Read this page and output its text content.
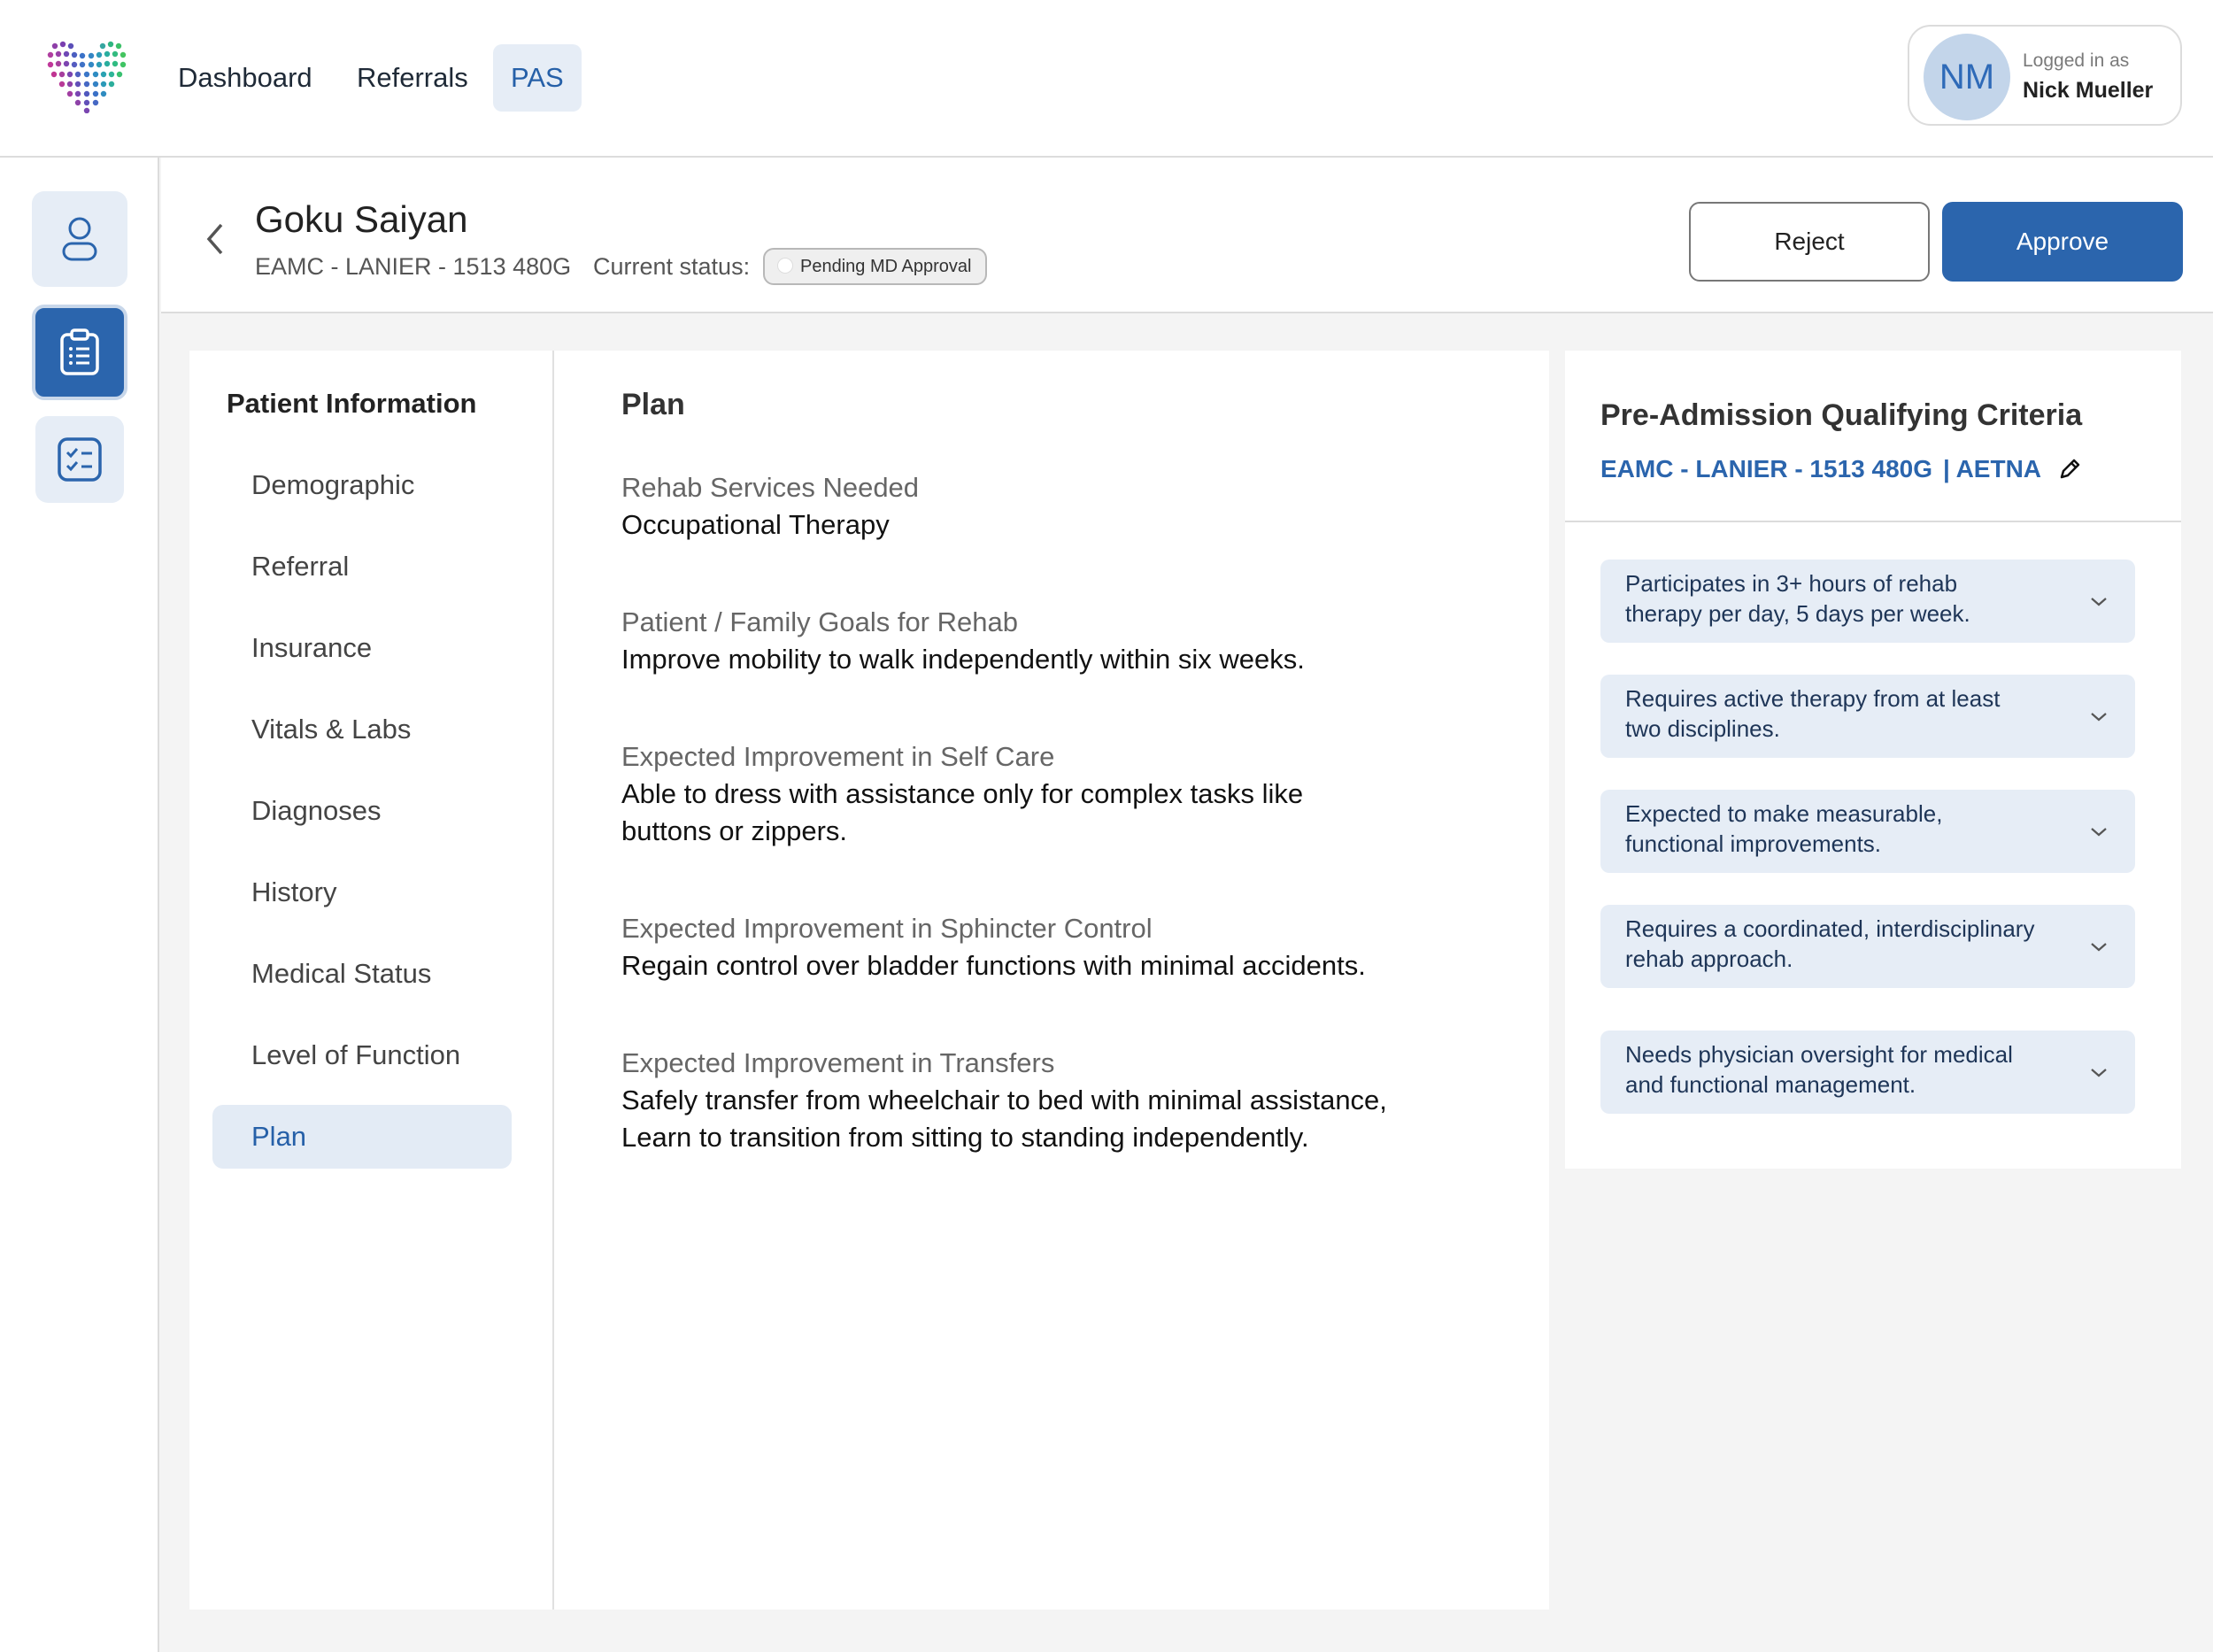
Dashboard	Referrals	PAS	NM	Logged in as
Nick Mueller
Goku Saiyan
EAMC - LANIER - 1513 480G Current status:	Pending MD Approval
Reject	Approve
Patient Information
Demographic
Referral
Insurance
Vitals & Labs
Diagnoses
History
Medical Status
Level of Function
Plan
Plan
Rehab Services Needed
Occupational Therapy
Patient / Family Goals for Rehab
Improve mobility to walk independently within six weeks.
Expected Improvement in Self Care
Able to dress with assistance only for complex tasks like
buttons or zippers.
Expected Improvement in Sphincter Control
Regain control over bladder functions with minimal accidents.
Expected Improvement in Transfers
Safely transfer from wheelchair to bed with minimal assistance,
Learn to transition from sitting to standing independently.
Pre-Admission Qualifying Criteria
EAMC - LANIER - 1513 480G | AETNA
Participates in 3+ hours of rehab
therapy per day, 5 days per week.
Requires active therapy from at least
two disciplines.
Expected to make measurable,
functional improvements.
Requires a coordinated, interdisciplinary
rehab approach.
Needs physician oversight for medical
and functional management.
